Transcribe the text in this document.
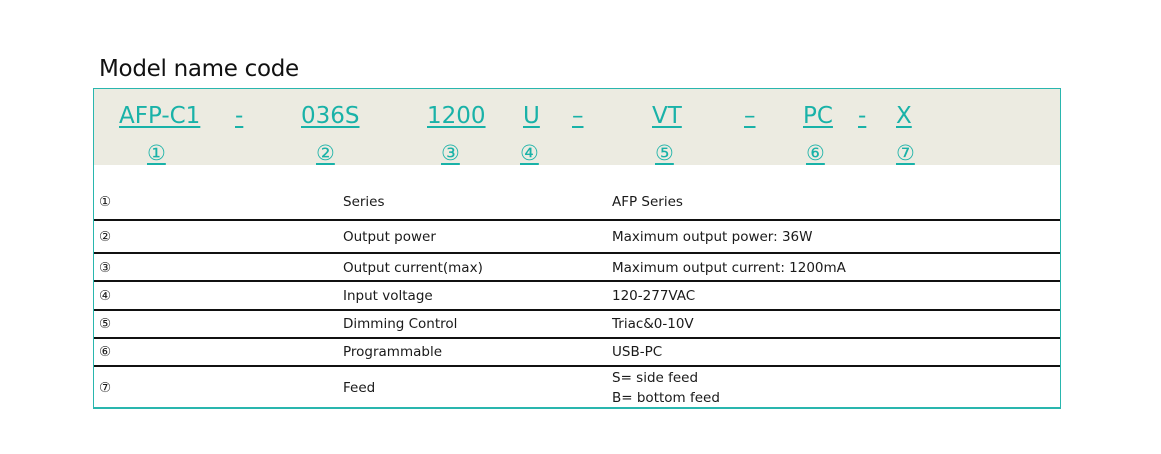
Model name code
AFP-C1 -	036S	1200 U –	VT	– PC - X
①	②	③	④	⑤	⑥	⑦
①	Series	AFP Series
②	Output power	Maximum output power: 36W
③	Output current(max)	Maximum output current: 1200mA
④	Input voltage	120-277VAC
⑤	Dimming Control	Triac&0-10V
⑥	Programmable	USB-PC
⑦	Feed
S= side feed
B= bottom feed
